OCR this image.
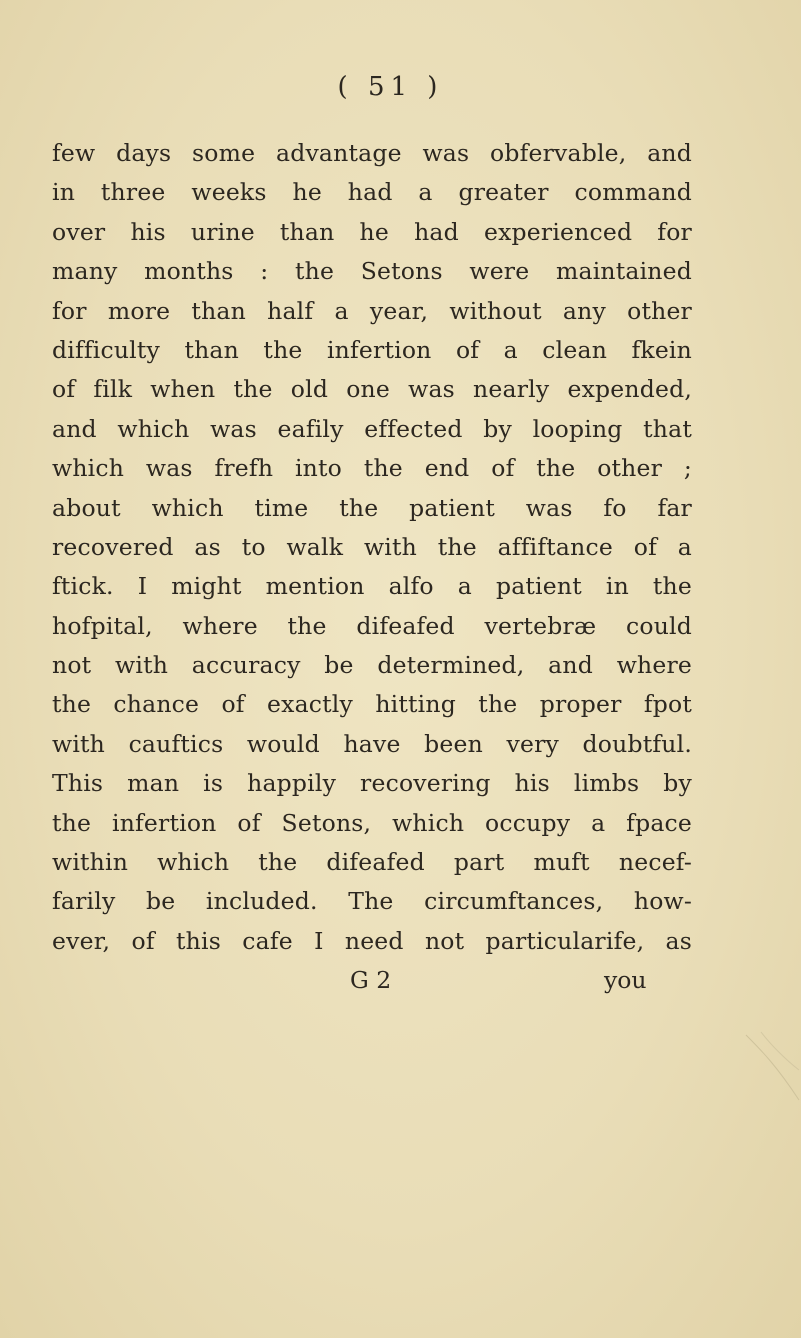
( 51 )
few days some advantage was obfervable, and
in three weeks he had a greater command
over his urine than he had experienced for
many months : the Setons were maintained
for more than half a year, without any other
difficulty than the infertion of a clean fkein
of filk when the old one was nearly expended,
and which was eafily effected by looping that
which was frefh into the end of the other ;
about which time the patient was fo far
recovered as to walk with the affiftance of a
ftick. I might mention alfo a patient in the
hofpital, where the difeafed vertebræ could
not with accuracy be determined, and where
the chance of exactly hitting the proper fpot
with cauftics would have been very doubtful.
This man is happily recovering his limbs by
the infertion of Setons, which occupy a fpace
within which the difeafed part muft necef-
farily be included. The circumftances, how-
ever, of this cafe I need not particularife, as
G 2	you
